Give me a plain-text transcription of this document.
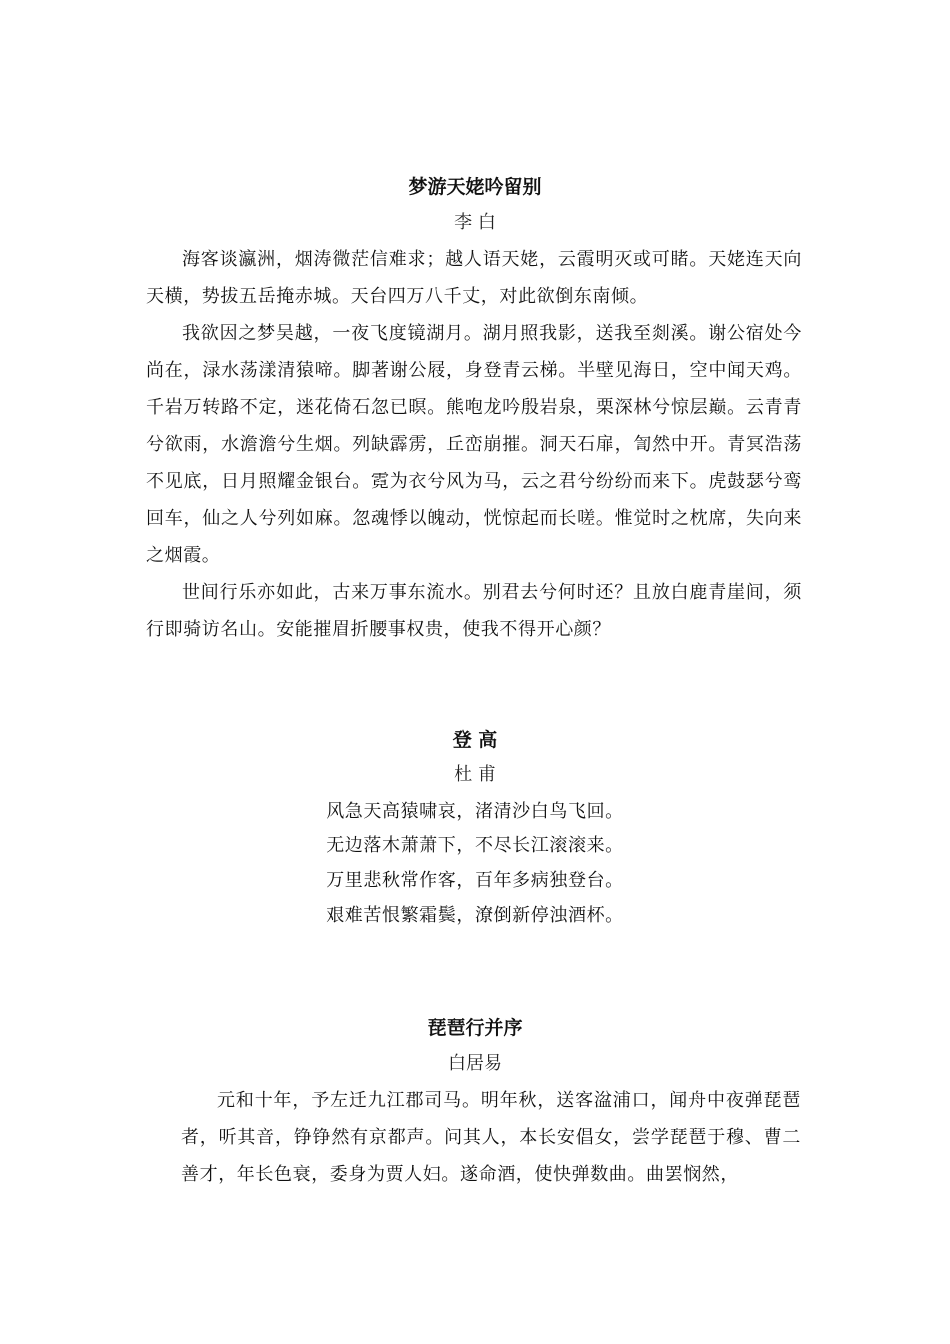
梦游天姥吟留别

李 白

海客谈瀛洲，烟涛微茫信难求；越人语天姥，云霞明灭或可睹。天姥连天向天横，势拔五岳掩赤城。天台四万八千丈，对此欲倒东南倾。

我欲因之梦吴越，一夜飞度镜湖月。湖月照我影，送我至剡溪。谢公宿处今尚在，渌水荡漾清猿啼。脚著谢公屐，身登青云梯。半壁见海日，空中闻天鸡。千岩万转路不定，迷花倚石忽已暝。熊咆龙吟殷岩泉，栗深林兮惊层巅。云青青兮欲雨，水澹澹兮生烟。列缺霹雳，丘峦崩摧。洞天石扉，訇然中开。青冥浩荡不见底，日月照耀金银台。霓为衣兮风为马，云之君兮纷纷而来下。虎鼓瑟兮鸾回车，仙之人兮列如麻。忽魂悸以魄动，恍惊起而长嗟。惟觉时之枕席，失向来之烟霞。

世间行乐亦如此，古来万事东流水。别君去兮何时还？且放白鹿青崖间，须行即骑访名山。安能摧眉折腰事权贵，使我不得开心颜？

登 高

杜 甫

风急天高猿啸哀，渚清沙白鸟飞回。

无边落木萧萧下，不尽长江滚滚来。

万里悲秋常作客，百年多病独登台。

艰难苦恨繁霜鬓，潦倒新停浊酒杯。

琵琶行并序

白居易

元和十年，予左迁九江郡司马。明年秋，送客湓浦口，闻舟中夜弹琵琶者，听其音，铮铮然有京都声。问其人，本长安倡女，尝学琵琶于穆、曹二善才，年长色衰，委身为贾人妇。遂命酒，使快弹数曲。曲罢悯然，
